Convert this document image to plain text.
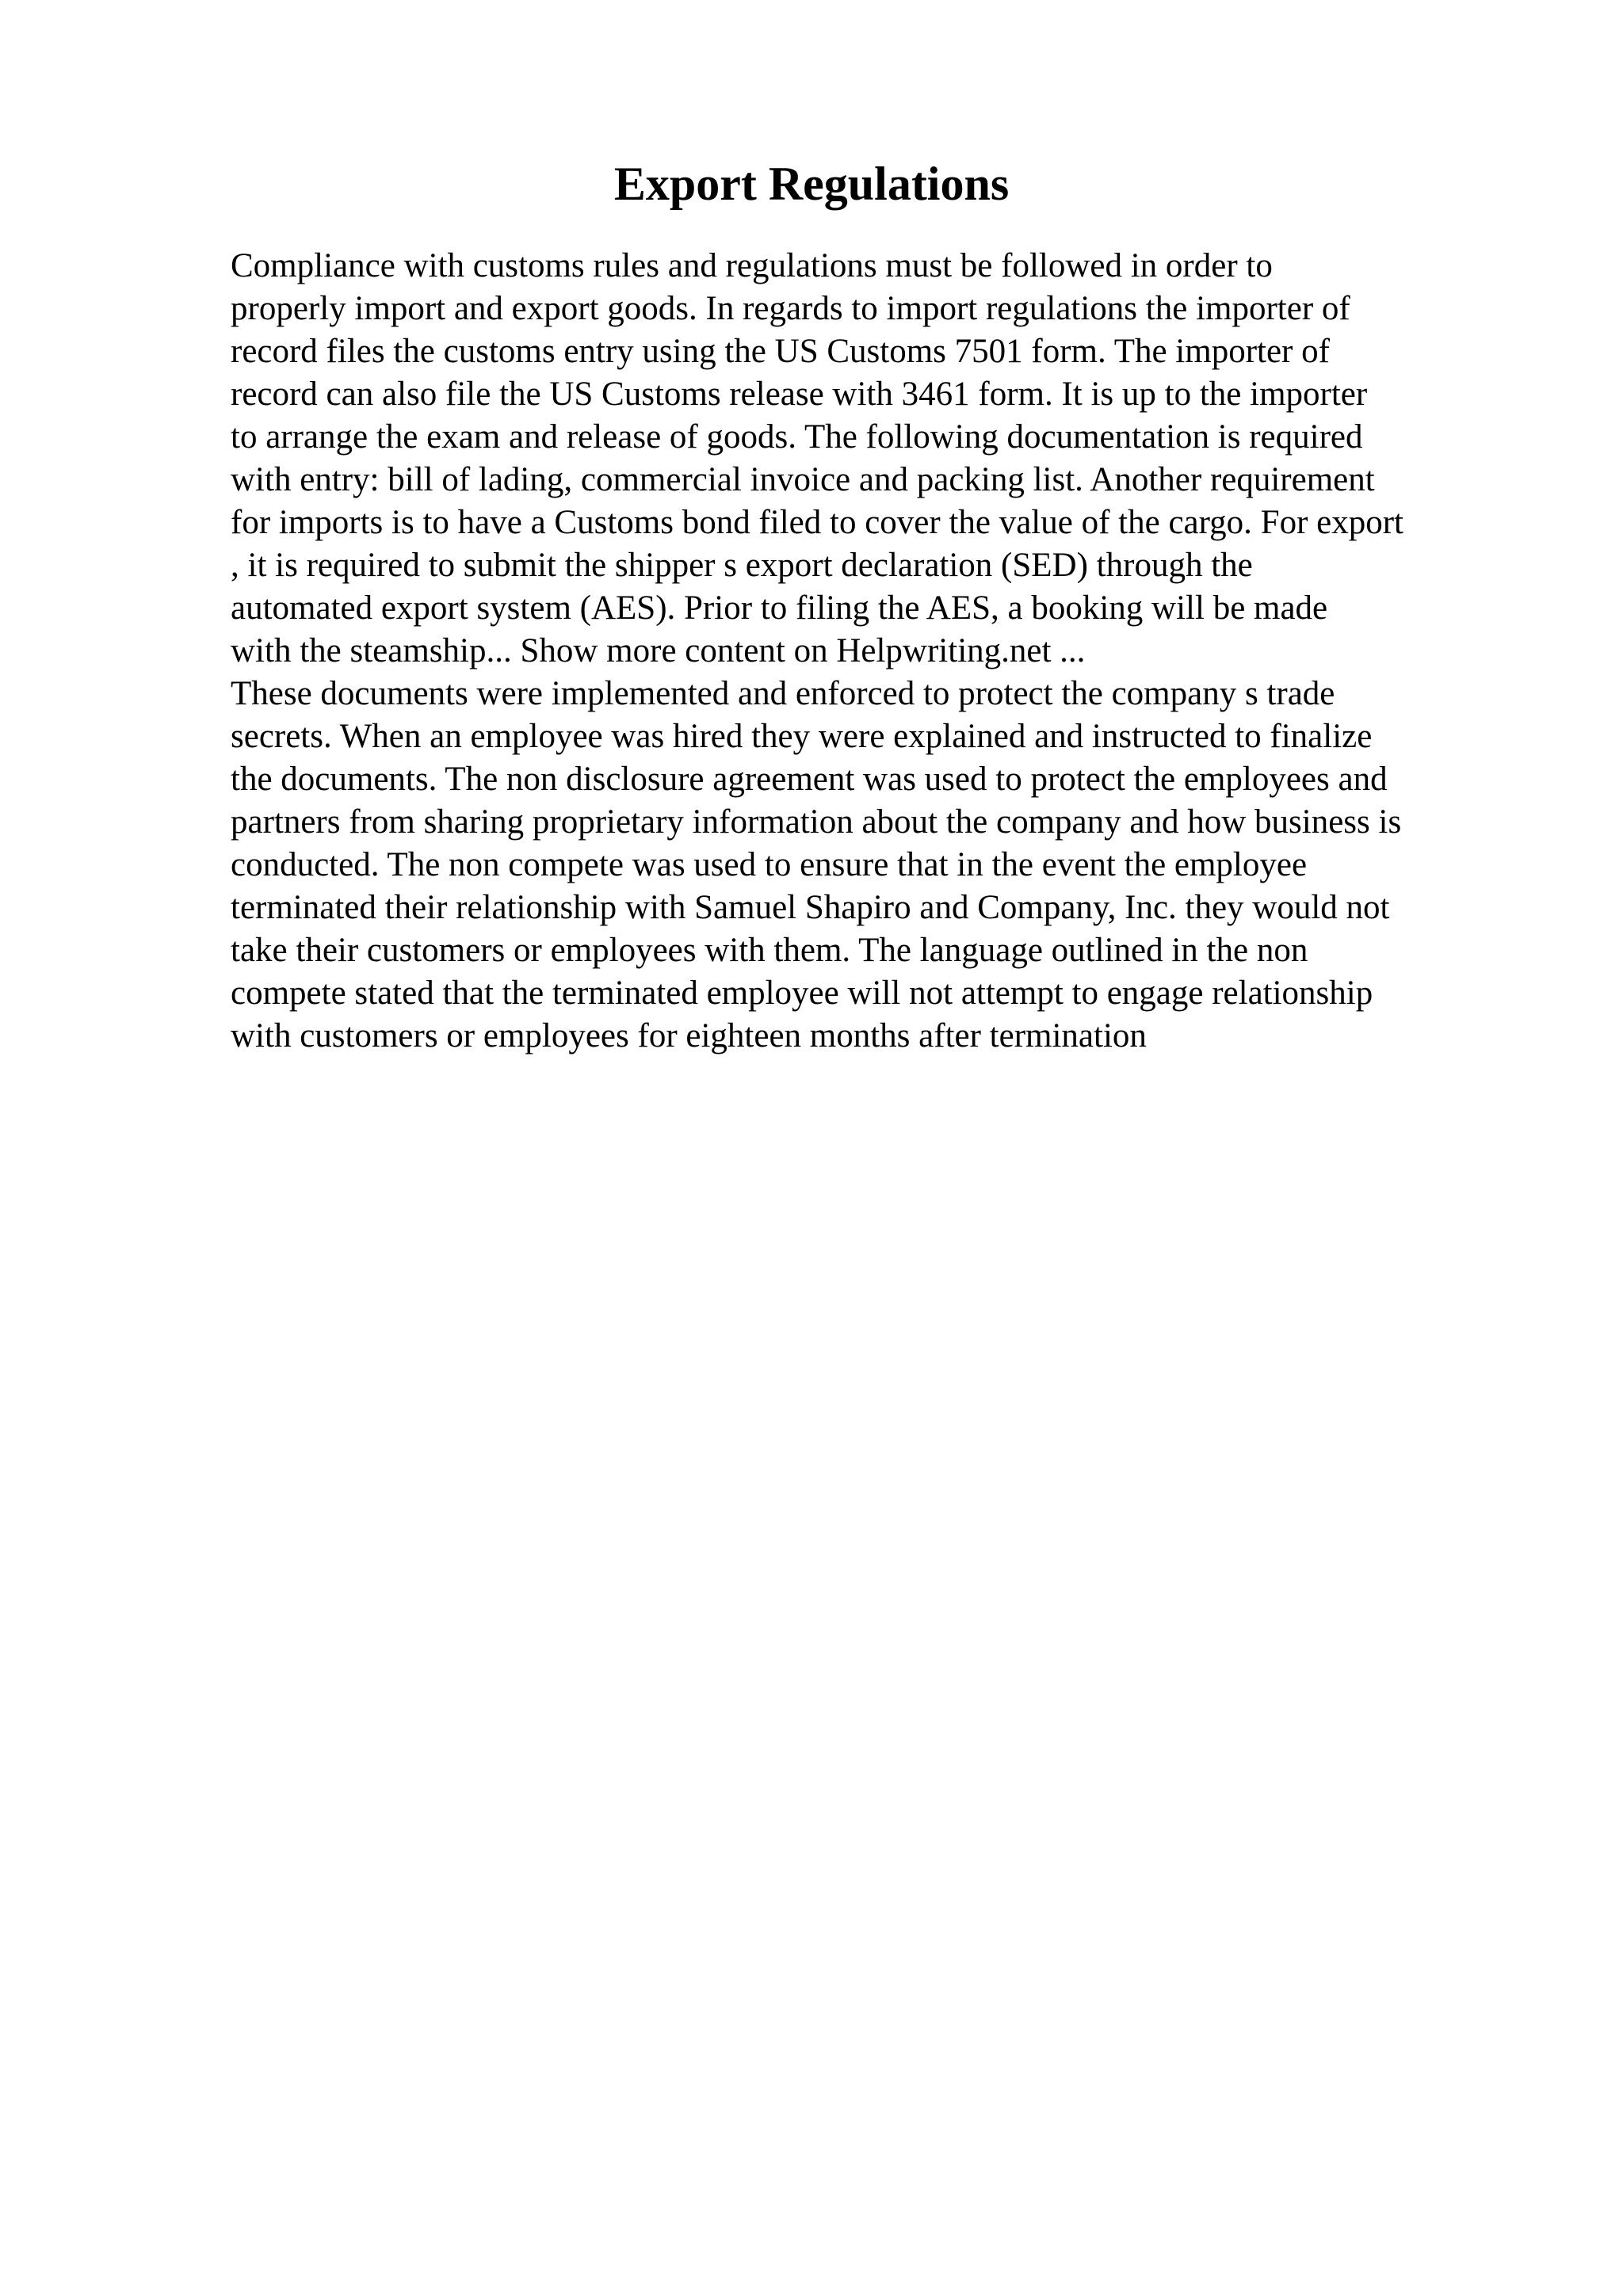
Export Regulations
Compliance with customs rules and regulations must be followed in order to
properly import and export goods. In regards to import regulations the importer of
record files the customs entry using the US Customs 7501 form. The importer of
record can also file the US Customs release with 3461 form. It is up to the importer
to arrange the exam and release of goods. The following documentation is required
with entry: bill of lading, commercial invoice and packing list. Another requirement
for imports is to have a Customs bond filed to cover the value of the cargo. For export
, it is required to submit the shipper s export declaration (SED) through the
automated export system (AES). Prior to filing the AES, a booking will be made
with the steamship... Show more content on Helpwriting.net ...
These documents were implemented and enforced to protect the company s trade
secrets. When an employee was hired they were explained and instructed to finalize
the documents. The non disclosure agreement was used to protect the employees and
partners from sharing proprietary information about the company and how business is
conducted. The non compete was used to ensure that in the event the employee
terminated their relationship with Samuel Shapiro and Company, Inc. they would not
take their customers or employees with them. The language outlined in the non
compete stated that the terminated employee will not attempt to engage relationship
with customers or employees for eighteen months after termination
